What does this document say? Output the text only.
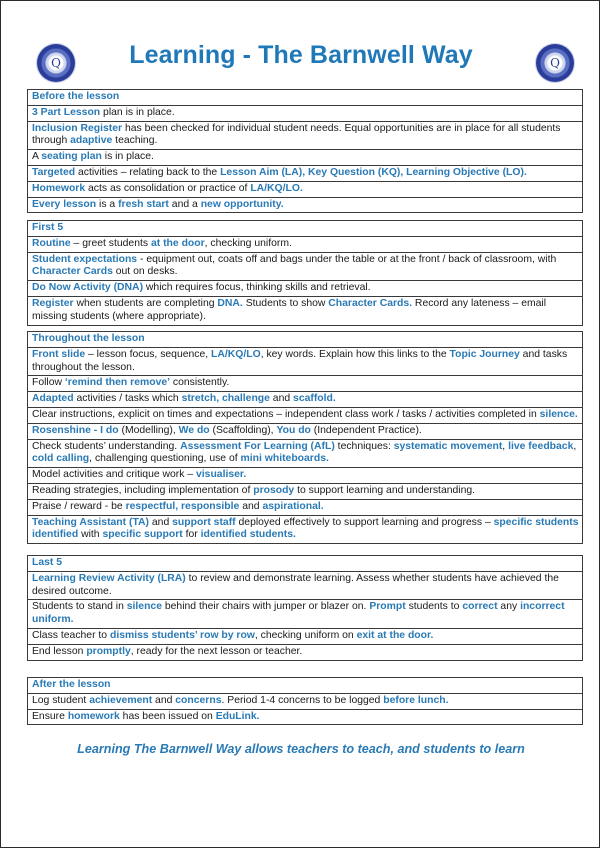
Q	Learning - The Barnwell Way	Q
Before the lesson
3 Part Lesson plan is in place.
Inclusion Register has been checked for individual student needs. Equal opportunities are in place for all students through adaptive teaching.
A seating plan is in place.
Targeted activities – relating back to the Lesson Aim (LA), Key Question (KQ), Learning Objective (LO).
Homework acts as consolidation or practice of LA/KQ/LO.
Every lesson is a fresh start and a new opportunity.
First 5
Routine – greet students at the door, checking uniform.
Student expectations - equipment out, coats off and bags under the table or at the front / back of classroom, with Character Cards out on desks.
Do Now Activity (DNA) which requires focus, thinking skills and retrieval.
Register when students are completing DNA. Students to show Character Cards. Record any lateness – email missing students (where appropriate).
Throughout the lesson
Front slide – lesson focus, sequence, LA/KQ/LO, key words. Explain how this links to the Topic Journey and tasks throughout the lesson.
Follow ‘remind then remove’ consistently.
Adapted activities / tasks which stretch, challenge and scaffold.
Clear instructions, explicit on times and expectations – independent class work / tasks / activities completed in silence.
Rosenshine - I do (Modelling), We do (Scaffolding), You do (Independent Practice).
Check students’ understanding. Assessment For Learning (AfL) techniques: systematic movement, live feedback, cold calling, challenging questioning, use of mini whiteboards.
Model activities and critique work – visualiser.
Reading strategies, including implementation of prosody to support learning and understanding.
Praise / reward - be respectful, responsible and aspirational.
Teaching Assistant (TA) and support staff deployed effectively to support learning and progress – specific students identified with specific support for identified students.
Last 5
Learning Review Activity (LRA) to review and demonstrate learning. Assess whether students have achieved the desired outcome.
Students to stand in silence behind their chairs with jumper or blazer on. Prompt students to correct any incorrect uniform.
Class teacher to dismiss students’ row by row, checking uniform on exit at the door.
End lesson promptly, ready for the next lesson or teacher.
After the lesson
Log student achievement and concerns. Period 1-4 concerns to be logged before lunch.
Ensure homework has been issued on EduLink.
Learning The Barnwell Way allows teachers to teach, and students to learn
